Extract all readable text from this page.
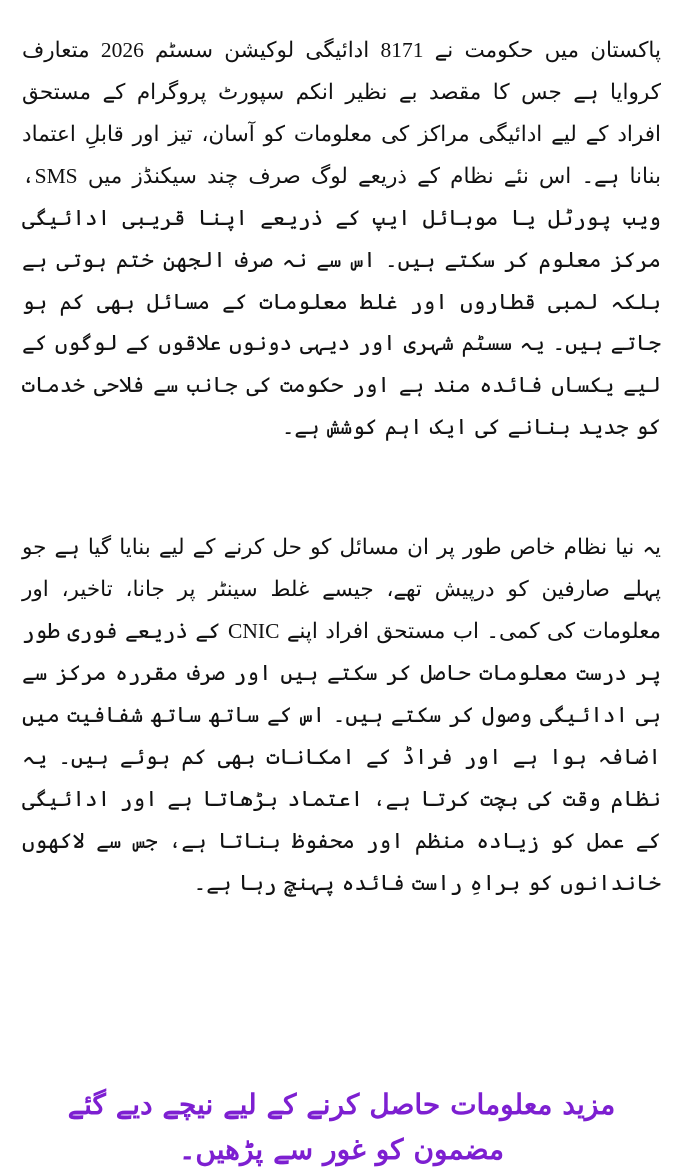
پاکستان میں حکومت نے 8171 ادائیگی لوکیشن سسٹم 2026 متعارف کروایا ہے جس کا مقصد بے نظیر انکم سپورٹ پروگرام کے مستحق افراد کے لیے ادائیگی مراکز کی معلومات کو آسان، تیز اور قابلِ اعتماد بنانا ہے۔ اس نئے نظام کے ذریعے لوگ صرف چند سیکنڈز میں SMS، ویب پورٹل یا موبائل ایپ کے ذریعے اپنا قریبی ادائیگی مرکز معلوم کر سکتے ہیں۔ اس سے نہ صرف الجھن ختم ہوتی ہے بلکہ لمبی قطاروں اور غلط معلومات کے مسائل بھی کم ہو جاتے ہیں۔ یہ سسٹم شہری اور دیہی دونوں علاقوں کے لوگوں کے لیے یکساں فائدہ مند ہے اور حکومت کی جانب سے فلاحی خدمات کو جدید بنانے کی ایک اہم کوشش ہے۔

یہ نیا نظام خاص طور پر ان مسائل کو حل کرنے کے لیے بنایا گیا ہے جو پہلے صارفین کو درپیش تھے، جیسے غلط سینٹر پر جانا، تاخیر، اور معلومات کی کمی۔ اب مستحق افراد اپنے CNIC کے ذریعے فوری طور پر درست معلومات حاصل کر سکتے ہیں اور صرف مقررہ مرکز سے ہی ادائیگی وصول کر سکتے ہیں۔ اس کے ساتھ ساتھ شفافیت میں اضافہ ہوا ہے اور فراڈ کے امکانات بھی کم ہوئے ہیں۔ یہ نظام وقت کی بچت کرتا ہے، اعتماد بڑھاتا ہے اور ادائیگی کے عمل کو زیادہ منظم اور محفوظ بناتا ہے، جس سے لاکھوں خاندانوں کو براہِ راست فائدہ پہنچ رہا ہے۔

مزید معلومات حاصل کرنے کے لیے نیچے دیے گئے مضمون کو غور سے پڑھیں۔
